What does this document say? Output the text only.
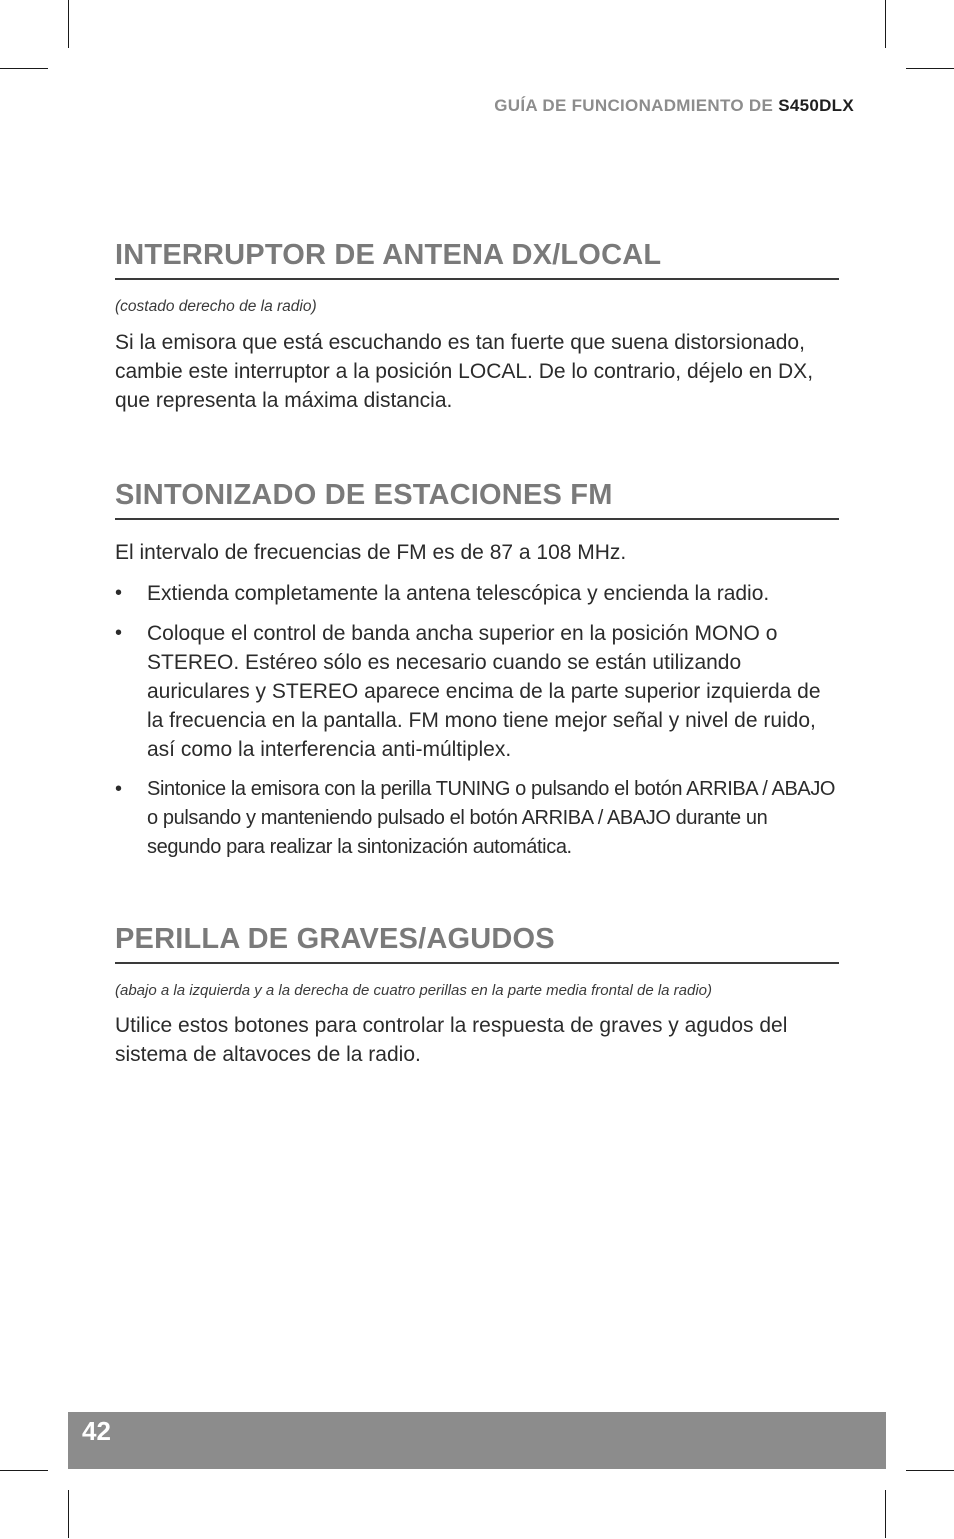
GUÍA DE FUNCIONADMIENTO DE S450DLX
INTERRUPTOR DE ANTENA DX/LOCAL
(costado derecho de la radio)
Si la emisora que está escuchando es tan fuerte que suena distorsionado, cambie este interruptor a la posición LOCAL. De lo contrario, déjelo en DX, que representa la máxima distancia.
SINTONIZADO DE ESTACIONES FM
El intervalo de frecuencias de FM es de 87 a 108 MHz.
• Extienda completamente la antena telescópica y encienda la radio.
• Coloque el control de banda ancha superior en la posición MONO o STEREO. Estéreo sólo es necesario cuando se están utilizando auriculares y STEREO aparece encima de la parte superior izquierda de la frecuencia en la pantalla. FM mono tiene mejor señal y nivel de ruido, así como la interferencia anti-múltiplex.
• Sintonice la emisora con la perilla TUNING o pulsando el botón ARRIBA / ABAJO o pulsando y manteniendo pulsado el botón ARRIBA / ABAJO durante un segundo para realizar la sintonización automática.
PERILLA DE GRAVES/AGUDOS
(abajo a la izquierda y a la derecha de cuatro perillas en la parte media frontal de la radio)
Utilice estos botones para controlar la respuesta de graves y agudos del sistema de altavoces de la radio.
42
